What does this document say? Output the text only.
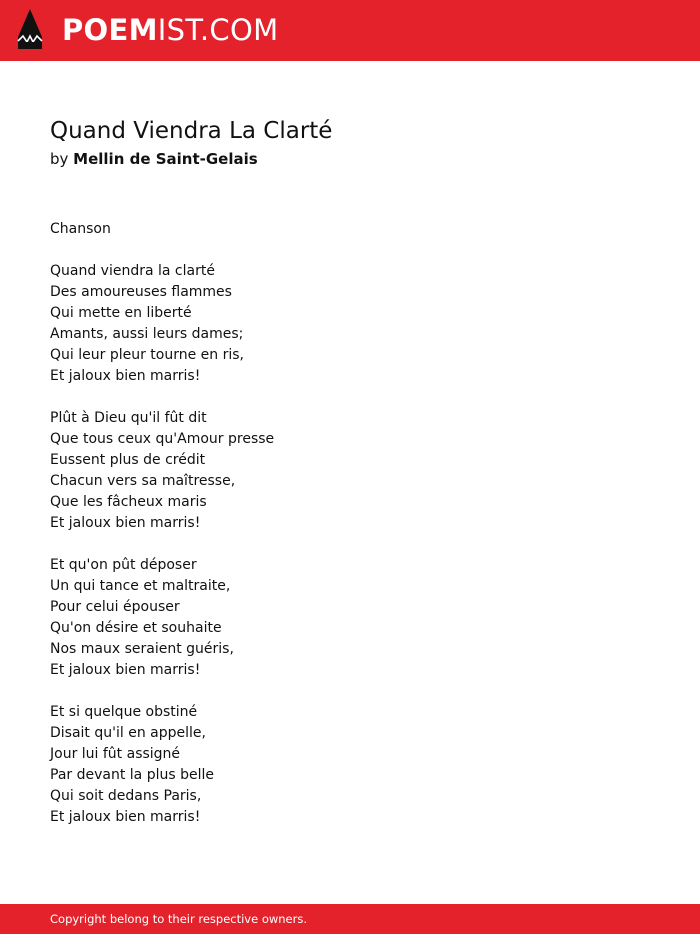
POEMIST.COM
Quand Viendra La Clarté
by Mellin de Saint-Gelais
Chanson
Quand viendra la clarté
Des amoureuses flammes
Qui mette en liberté
Amants, aussi leurs dames;
Qui leur pleur tourne en ris,
Et jaloux bien marris!
Plût à Dieu qu'il fût dit
Que tous ceux qu'Amour presse
Eussent plus de crédit
Chacun vers sa maîtresse,
Que les fâcheux maris
Et jaloux bien marris!
Et qu'on pût déposer
Un qui tance et maltraite,
Pour celui épouser
Qu'on désire et souhaite
Nos maux seraient guéris,
Et jaloux bien marris!
Et si quelque obstiné
Disait qu'il en appelle,
Jour lui fût assigné
Par devant la plus belle
Qui soit dedans Paris,
Et jaloux bien marris!
Copyright belong to their respective owners.
